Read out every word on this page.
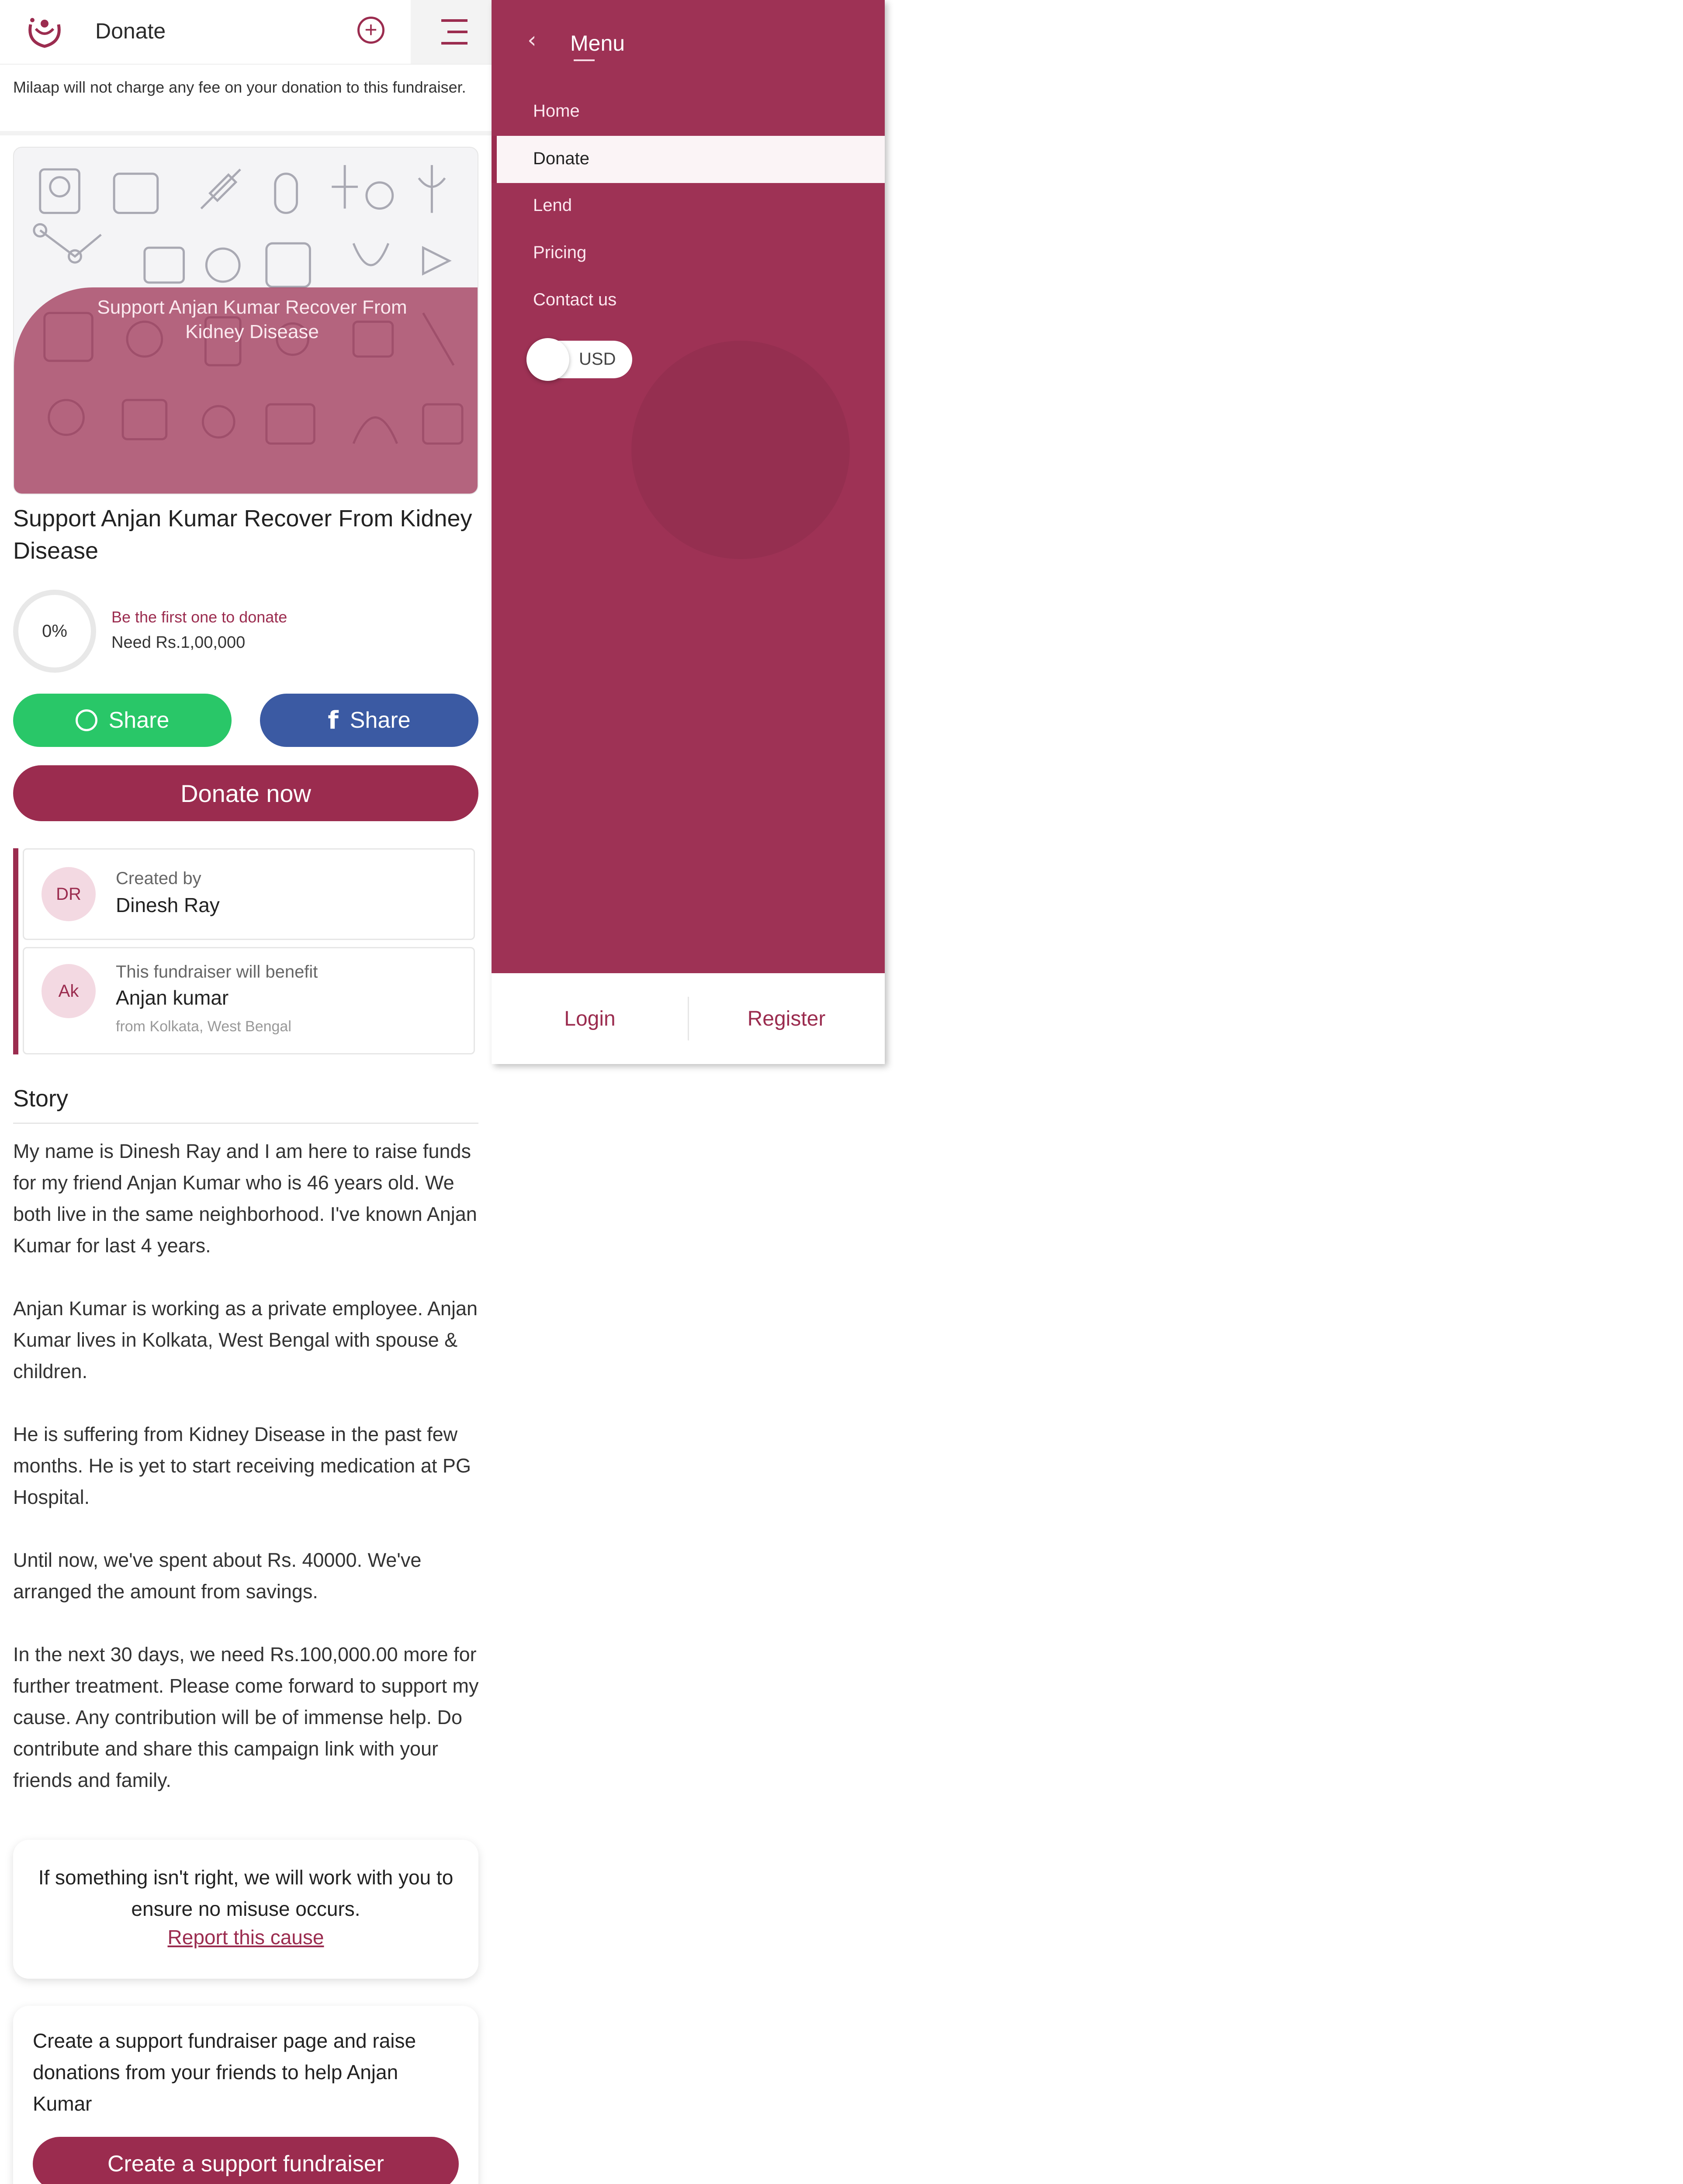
Donate	+
Milaap will not charge any fee on your donation to this fundraiser.
Support Anjan Kumar Recover From Kidney Disease
Support Anjan Kumar Recover From Kidney Disease
0%
Be the first one to donate
Need Rs.1,00,000
Share	f Share
Donate now
DR
Created by
Dinesh Ray
Ak
This fundraiser will benefit
Anjan kumar
from Kolkata, West Bengal
Story

My name is Dinesh Ray and I am here to raise funds for my friend Anjan Kumar who is 46 years old. We both live in the same neighborhood. I've known Anjan Kumar for last 4 years.

Anjan Kumar is working as a private employee. Anjan Kumar lives in Kolkata, West Bengal with spouse & children.

He is suffering from Kidney Disease in the past few months. He is yet to start receiving medication at PG Hospital.

Until now, we've spent about Rs. 40000. We've arranged the amount from savings.

In the next 30 days, we need Rs.100,000.00 more for further treatment. Please come forward to support my cause. Any contribution will be of immense help. Do contribute and share this campaign link with your friends and family.

If something isn't right, we will work with you to ensure no misuse occurs.
Report this cause
Create a support fundraiser page and raise donations from your friends to help Anjan Kumar
Create a support fundraiser
‹ Menu
Home
Donate
Lend
Pricing
Contact us
USD
Login	Register
